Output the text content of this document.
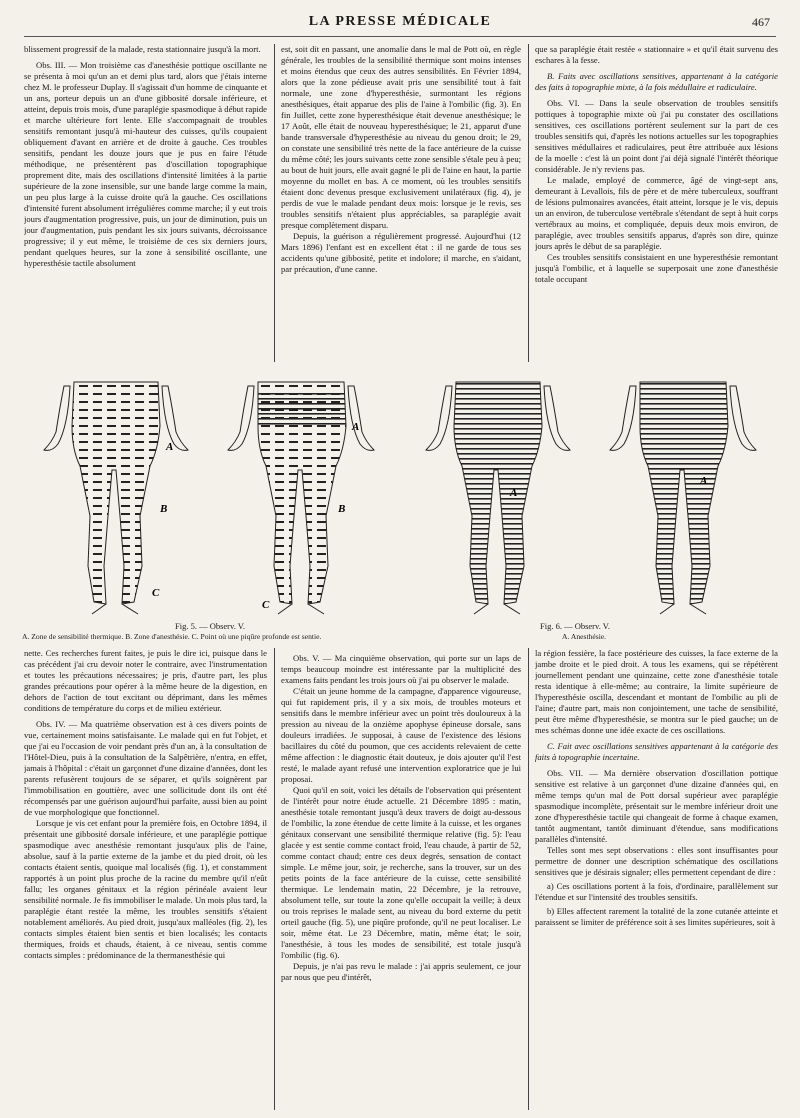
LA PRESSE MÉDICALE	467

blissement progressif de la malade, resta stationnaire jusqu'à la mort.

Obs. III. — Mon troisième cas d'anesthésie pottique oscillante ne se présenta à moi qu'un an et demi plus tard, alors que j'étais interne chez M. le professeur Duplay. Il s'agissait d'un homme de cinquante et un ans, porteur depuis un an d'une gibbosité dorsale inférieure, et atteint, depuis trois mois, d'une paraplégie spasmodique à début rapide et marche ultérieure fort lente. Elle s'accompagnait de troubles sensitifs remontant jusqu'à mi-hauteur des cuisses, qu'ils coupaient obliquement d'avant en arrière et de droite à gauche. Ces troubles sensitifs, pendant les douze jours que je pus en faire l'étude méthodique, ne présentèrent pas d'oscillation topographique proprement dite, mais des oscillations d'intensité limitées à la partie supérieure de la zone insensible, sur une bande large comme la main, un peu plus large à la cuisse droite qu'à la gauche. Ces oscillations d'intensité furent absolument irrégulières comme marche; il y eut trois jours d'augmentation progressive, puis, un jour de diminution, puis un jour d'augmentation, puis pendant les six jours suivants, décroissance progressive; il y eut même, le troisième de ces six derniers jours, pendant quelques heures, sur la zone à sensibilité oscillante, une hyperesthésie tactile absolument

est, soit dit en passant, une anomalie dans le mal de Pott où, en règle générale, les troubles de la sensibilité thermique sont moins intenses et moins étendus que ceux des autres sensibilités. En Février 1894, alors que la zone pédieuse avait pris une sensibilité tout à fait normale, une zone d'hyperesthésie, surmontant les régions anesthésiques, était apparue des plis de l'aine à l'ombilic (fig. 3). En fin Juillet, cette zone hyperesthésique était devenue anesthésique; le 17 Août, elle était de nouveau hyperesthésique; le 21, apparut d'une bande transversale d'hyperesthésie au niveau du genou droit; le 29, on constate une sensibilité très nette de la face antérieure de la cuisse du même côté; les jours suivants cette zone sensible s'étale peu à peu; au bout de huit jours, elle avait gagné le pli de l'aine en haut, la partie moyenne du mollet en bas. A ce moment, où les troubles sensitifs étaient donc devenus presque exclusivement unilatéraux (fig. 4), je perdis de vue le malade pendant deux mois: lorsque je le revis, ses troubles sensitifs n'étaient plus appréciables, sa paraplégie avait presque complètement disparu.

Depuis, la guérison a régulièrement progressé. Aujourd'hui (12 Mars 1896) l'enfant est en excellent état : il ne garde de tous ses accidents qu'une gibbosité, petite et indolore; il marche, en s'aidant, par précaution, d'une canne.

que sa paraplégie était restée « stationnaire » et qu'il était survenu des eschares à la fesse.

B. Faits avec oscillations sensitives, appartenant à la catégorie des faits à topographie mixte, à la fois médullaire et radiculaire.

Obs. VI. — Dans la seule observation de troubles sensitifs pottiques à topographie mixte où j'ai pu constater des oscillations sensitives, ces oscillations portèrent seulement sur la part de ces troubles sensitifs qui, d'après les notions actuelles sur les topographies sensitives médullaires et radiculaires, peut être attribuée aux lésions de la moelle : c'est là un point dont j'ai déjà signalé l'intérêt théorique considérable. Je n'y reviens pas.

Le malade, employé de commerce, âgé de vingt-sept ans, demeurant à Levallois, fils de père et de mère tuberculeux, souffrant de lésions pulmonaires avancées, était atteint, lorsque je le vis, depuis un an environ, de tuberculose vertébrale s'étendant de sept à huit corps vertébraux au moins, et compliquée, depuis deux mois environ, de paraplégie, avec troubles sensitifs apparus, d'après son dire, quinze jours après le début de sa paraplégie.

Ces troubles sensitifs consistaient en une hyperesthésie remontant jusqu'à l'ombilic, et à laquelle se superposait une zone d'anesthésie totale occupant

A
B
C
A
B
C
Fig. 5. — Observ. V.
A. Zone de sensibilité thermique. B. Zone d'anesthésie. C. Point où une piqûre profonde est sentie.
A
A
Fig. 6. — Observ. V.
A. Anesthésie.

nette. Ces recherches furent faites, je puis le dire ici, puisque dans le cas précédent j'ai cru devoir noter le contraire, avec l'instrumentation et toutes les précautions nécessaires; je pris, d'autre part, les plus grandes précautions pour opérer à la même heure de la digestion, en dehors de l'action de tout excitant ou déprimant, dans les mêmes conditions de température du corps et de milieu extérieur.

Obs. IV. — Ma quatrième observation est à ces divers points de vue, certainement moins satisfaisante. Le malade qui en fut l'objet, et que j'ai eu l'occasion de voir pendant près d'un an, à la consultation de l'Hôtel-Dieu, puis à la consultation de la Salpêtrière, n'entra, en effet, jamais à l'hôpital : c'était un garçonnet d'une dizaine d'années, dont les parents refusèrent toujours de se séparer, et qu'ils soignèrent par l'immobilisation en gouttière, avec une sollicitude dont ils ont été récompensés par une guérison aujourd'hui parfaite, aussi bien au point de vue morphologique que fonctionnel.

Lorsque je vis cet enfant pour la première fois, en Octobre 1894, il présentait une gibbosité dorsale inférieure, et une paraplégie pottique spasmodique avec anesthésie remontant jusqu'aux plis de l'aine, absolue, sauf à la partie externe de la jambe et du pied droit, où les contacts étaient sentis, quoique mal localisés (fig. 1), et constamment rapportés à un point plus proche de la racine du membre qu'il n'eût fallu; les organes génitaux et la région périnéale avaient leur sensibilité normale. Je fis immobiliser le malade. Un mois plus tard, la paraplégie étant restée la même, les troubles sensitifs s'étaient notablement améliorés. Au pied droit, jusqu'aux malléoles (fig. 2), les contacts simples étaient bien sentis et bien localisés; les contacts thermiques, froids et chauds, étaient, à ce niveau, sentis comme contacts simples : prédominance de la thermanesthésie qui

Obs. V. — Ma cinquième observation, qui porte sur un laps de temps beaucoup moindre est intéressante par la multiplicité des examens faits pendant les trois jours où j'ai pu observer le malade.

C'était un jeune homme de la campagne, d'apparence vigoureuse, qui fut rapidement pris, il y a six mois, de troubles moteurs et sensitifs dans le membre inférieur avec un point très douloureux à la pression au niveau de la onzième apophyse épineuse dorsale, sans douleurs irradiées. Je supposai, à cause de l'existence des lésions bacillaires du côté du poumon, que ces accidents relevaient de cette même affection : le diagnostic était douteux, je dois ajouter qu'il l'est resté, le malade ayant refusé une intervention exploratrice que je lui proposai.

Quoi qu'il en soit, voici les détails de l'observation qui présentent de l'intérêt pour notre étude actuelle. 21 Décembre 1895 : matin, anesthésie totale remontant jusqu'à deux travers de doigt au-dessous de l'ombilic, la zone étendue de cette limite à la cuisse, et les organes génitaux conservant une sensibilité thermique relative (fig. 5): l'eau glacée y est sentie comme contact froid, l'eau chaude, à partir de 52, comme contact chaud; entre ces deux degrés, sensation de contact simple. Le même jour, soir, je recherche, sans la trouver, sur un des petits points de la face antérieure de la cuisse, cette sensibilité thermique. Le lendemain matin, 22 Décembre, je la retrouve, absolument telle, sur toute la zone qu'elle occupait la veille; à deux ou trois reprises le malade sent, au niveau du bord externe du petit orteil gauche (fig. 5), une piqûre profonde, qu'il ne peut localiser. Le soir, même état. Le 23 Décembre, matin, même état; le soir, l'anesthésie, à tous les modes de sensibilité, est totale jusqu'à l'ombilic (fig. 6).

Depuis, je n'ai pas revu le malade : j'ai appris seulement, ce jour par nous que peu d'intérêt,

la région fessière, la face postérieure des cuisses, la face externe de la jambe droite et le pied droit. A tous les examens, qui se répétèrent journellement pendant une quinzaine, cette zone d'anesthésie totale resta identique à elle-même; au contraire, la limite supérieure de l'hyperesthésie oscilla, descendant et montant de l'ombilic au pli de l'aine; d'autre part, mais non conjointement, une tache de sensibilité, peut être même d'hyperesthésie, se montra sur le pied gauche; un de mes schémas donne une idée exacte de ces oscillations.

C. Fait avec oscillations sensitives appartenant à la catégorie des faits à topographie incertaine.

Obs. VII. — Ma dernière observation d'oscillation pottique sensitive est relative à un garçonnet d'une dizaine d'années qui, en même temps qu'un mal de Pott dorsal supérieur avec paraplégie spasmodique incomplète, présentait sur le membre inférieur droit une zone d'hyperesthésie tactile qui changeait de forme à chaque examen, tantôt augmentant, tantôt diminuant d'étendue, sans modifications parallèles d'intensité.

Telles sont mes sept observations : elles sont insuffisantes pour permettre de donner une description schématique des oscillations sensitives que je désirais signaler; elles permettent cependant de dire :

a) Ces oscillations portent à la fois, d'ordinaire, parallèlement sur l'étendue et sur l'intensité des troubles sensitifs.

b) Elles affectent rarement la totalité de la zone cutanée atteinte et paraissent se limiter de préférence soit à ses limites supérieures, soit à
